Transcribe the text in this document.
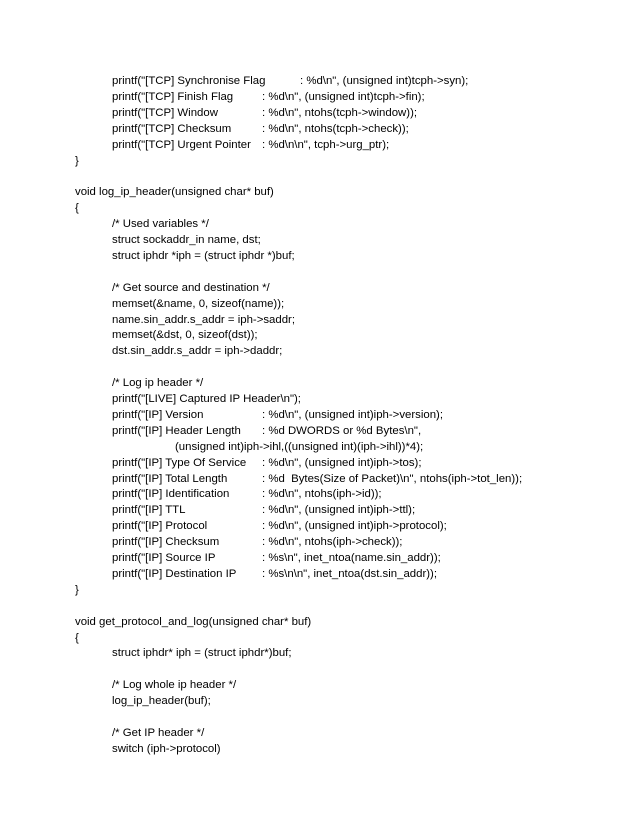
printf("[TCP] Synchronise Flag	: %d\n", (unsigned int)tcph->syn);
printf("[TCP] Finish Flag	: %d\n", (unsigned int)tcph->fin);
printf("[TCP] Window	: %d\n", ntohs(tcph->window));
printf("[TCP] Checksum	: %d\n", ntohs(tcph->check));
printf("[TCP] Urgent Pointer : %d\n\n", tcph->urg_ptr);
}
void log_ip_header(unsigned char* buf)
{
/* Used variables */
struct sockaddr_in name, dst;
struct iphdr *iph = (struct iphdr *)buf;
/* Get source and destination */
memset(&name, 0, sizeof(name));
name.sin_addr.s_addr = iph->saddr;
memset(&dst, 0, sizeof(dst));
dst.sin_addr.s_addr = iph->daddr;
/* Log ip header */
printf("[LIVE] Captured IP Header\n");
printf("[IP] Version	: %d\n", (unsigned int)iph->version);
printf("[IP] Header Length : %d DWORDS or %d Bytes\n",
(unsigned int)iph->ihl,((unsigned int)(iph->ihl))*4);
printf("[IP] Type Of Service : %d\n", (unsigned int)iph->tos);
printf("[IP] Total Length	: %d  Bytes(Size of Packet)\n", ntohs(iph->tot_len));
printf("[IP] Identification	: %d\n", ntohs(iph->id));
printf("[IP] TTL	: %d\n", (unsigned int)iph->ttl);
printf("[IP] Protocol	: %d\n", (unsigned int)iph->protocol);
printf("[IP] Checksum	: %d\n", ntohs(iph->check));
printf("[IP] Source IP	: %s\n", inet_ntoa(name.sin_addr));
printf("[IP] Destination IP : %s\n\n", inet_ntoa(dst.sin_addr));
}
void get_protocol_and_log(unsigned char* buf)
{
struct iphdr* iph = (struct iphdr*)buf;
/* Log whole ip header */
log_ip_header(buf);
/* Get IP header */
switch (iph->protocol)
